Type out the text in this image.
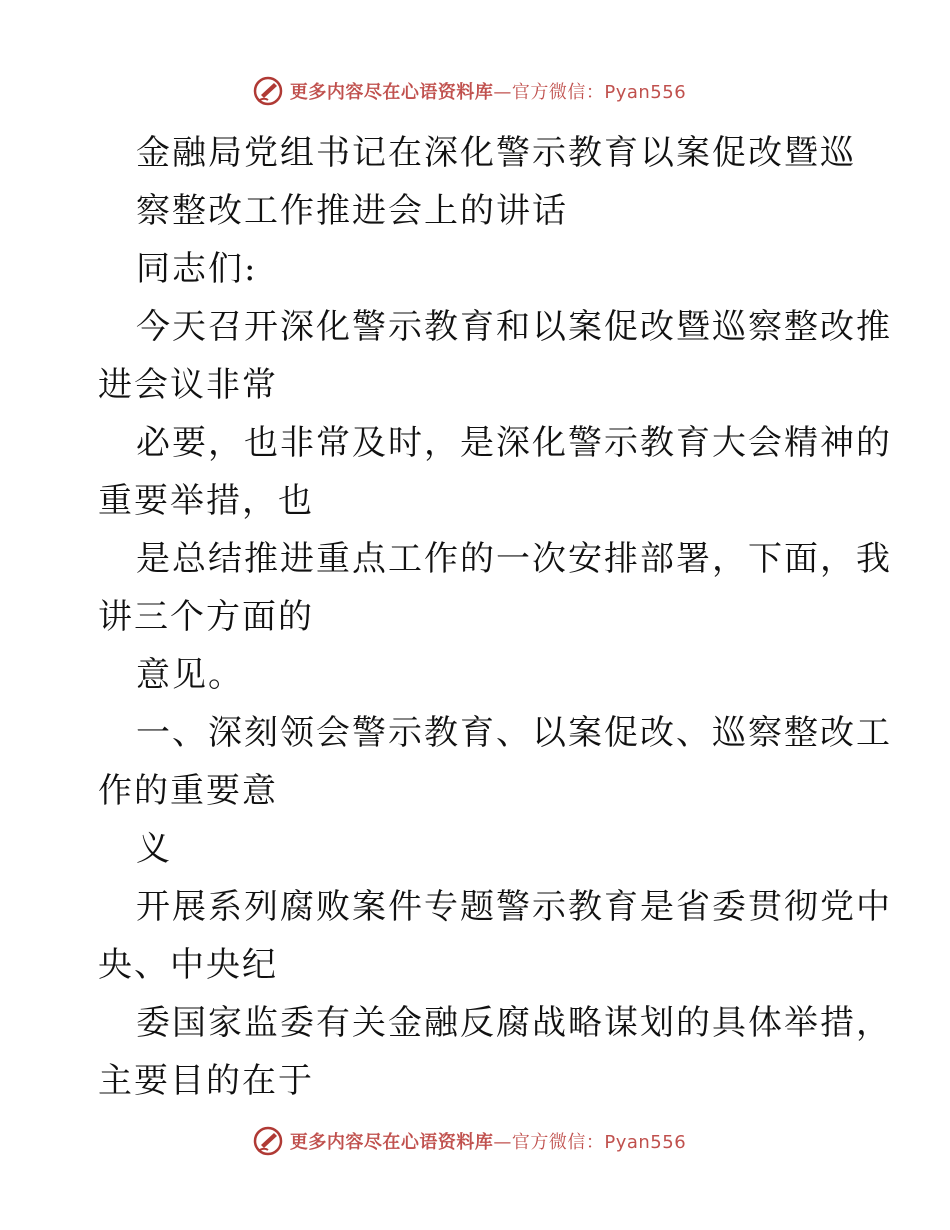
更多内容尽在心语资料库—官方微信：Pyan556
金融局党组书记在深化警示教育以案促改暨巡
察整改工作推进会上的讲话
同志们:
今天召开深化警示教育和以案促改暨巡察整改推
进会议非常
必要，也非常及时，是深化警示教育大会精神的
重要举措，也
是总结推进重点工作的一次安排部署，下面，我
讲三个方面的
意见。
一、深刻领会警示教育、以案促改、巡察整改工
作的重要意
义
开展系列腐败案件专题警示教育是省委贯彻党中
央、中央纪
委国家监委有关金融反腐战略谋划的具体举措，
主要目的在于
更多内容尽在心语资料库—官方微信：Pyan556
